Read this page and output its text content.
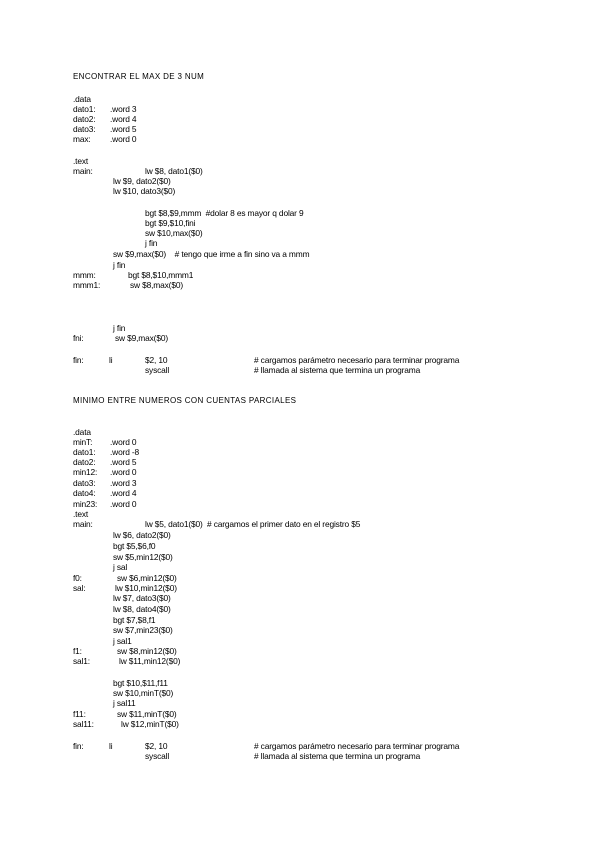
ENCONTRAR EL MAX DE 3 NUM
.data
dato1: .word 3
dato2: .word 4
dato3: .word 5
max: .word 0
.text
main:	lw $8, dato1($0)
lw $9, dato2($0)
lw $10, dato3($0)
bgt $8,$9,mmm  #dolar 8 es mayor q dolar 9
bgt $9,$10,fini
sw $10,max($0)
j fin
sw $9,max($0)    # tengo que irme a fin sino va a mmm
j fin
mmm:	bgt $8,$10,mmm1
mmm1:	sw $8,max($0)
j fin
fni:	sw $9,max($0)
fin:	li	$2, 10	# cargamos parámetro necesario para terminar programa
syscall	# llamada al sistema que termina un programa
MINIMO ENTRE NUMEROS CON CUENTAS PARCIALES
.data
minT: .word 0
dato1: .word -8
dato2: .word 5
min12: .word 0
dato3: .word 3
dato4: .word 4
min23: .word 0
.text
main:	lw $5, dato1($0)  # cargamos el primer dato en el registro $5
lw $6, dato2($0)
bgt $5,$6,f0
sw $5,min12($0)
j sal
f0:	sw $6,min12($0)
sal:	lw $10,min12($0)
lw $7, dato3($0)
lw $8, dato4($0)
bgt $7,$8,f1
sw $7,min23($0)
j sal1
f1:	sw $8,min12($0)
sal1:	lw $11,min12($0)
bgt $10,$11,f11
sw $10,minT($0)
j sal11
f11:	sw $11,minT($0)
sal11:	lw $12,minT($0)
fin:	li	$2, 10	# cargamos parámetro necesario para terminar programa
syscall	# llamada al sistema que termina un programa
